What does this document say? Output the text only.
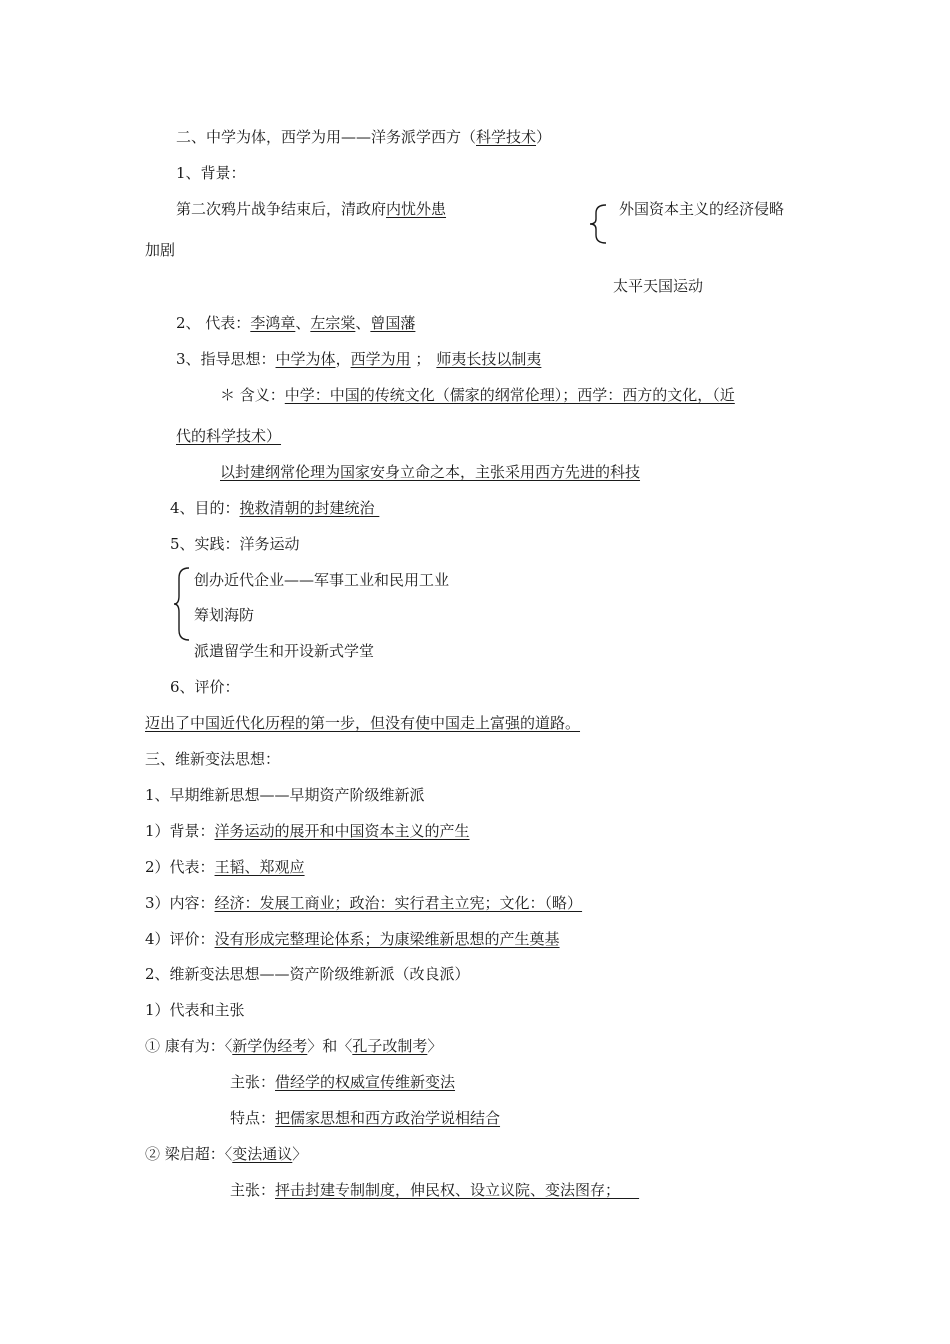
二、中学为体，西学为用——洋务派学西方（科学技术）
1、背景：
第二次鸦片战争结束后，清政府内忧外患	外国资本主义的经济侵略
加剧
太平天国运动
2、 代表：李鸿章、左宗棠、曾国藩
3、指导思想：中学为体，西学为用 ； 师夷长技以制夷
＊ 含义：中学：中国的传统文化（儒家的纲常伦理）；西学：西方的文化，（近
代的科学技术）
以封建纲常伦理为国家安身立命之本，主张采用西方先进的科技
4、目的：挽救清朝的封建统治
5、实践：洋务运动
创办近代企业——军事工业和民用工业
筹划海防
派遣留学生和开设新式学堂
6、评价：
迈出了中国近代化历程的第一步，但没有使中国走上富强的道路。
三、维新变法思想：
1、早期维新思想——早期资产阶级维新派
1）背景：洋务运动的展开和中国资本主义的产生
2）代表：王韬、郑观应
3）内容：经济：发展工商业；政治：实行君主立宪；文化：（略）
4）评价：没有形成完整理论体系；为康梁维新思想的产生奠基
2、维新变法思想——资产阶级维新派（改良派）
1）代表和主张
① 康有为：〈新学伪经考〉和〈孔子改制考〉
主张：借经学的权威宣传维新变法
特点：把儒家思想和西方政治学说相结合
② 梁启超：〈变法通议〉
主张：抨击封建专制制度，伸民权、设立议院、变法图存；
